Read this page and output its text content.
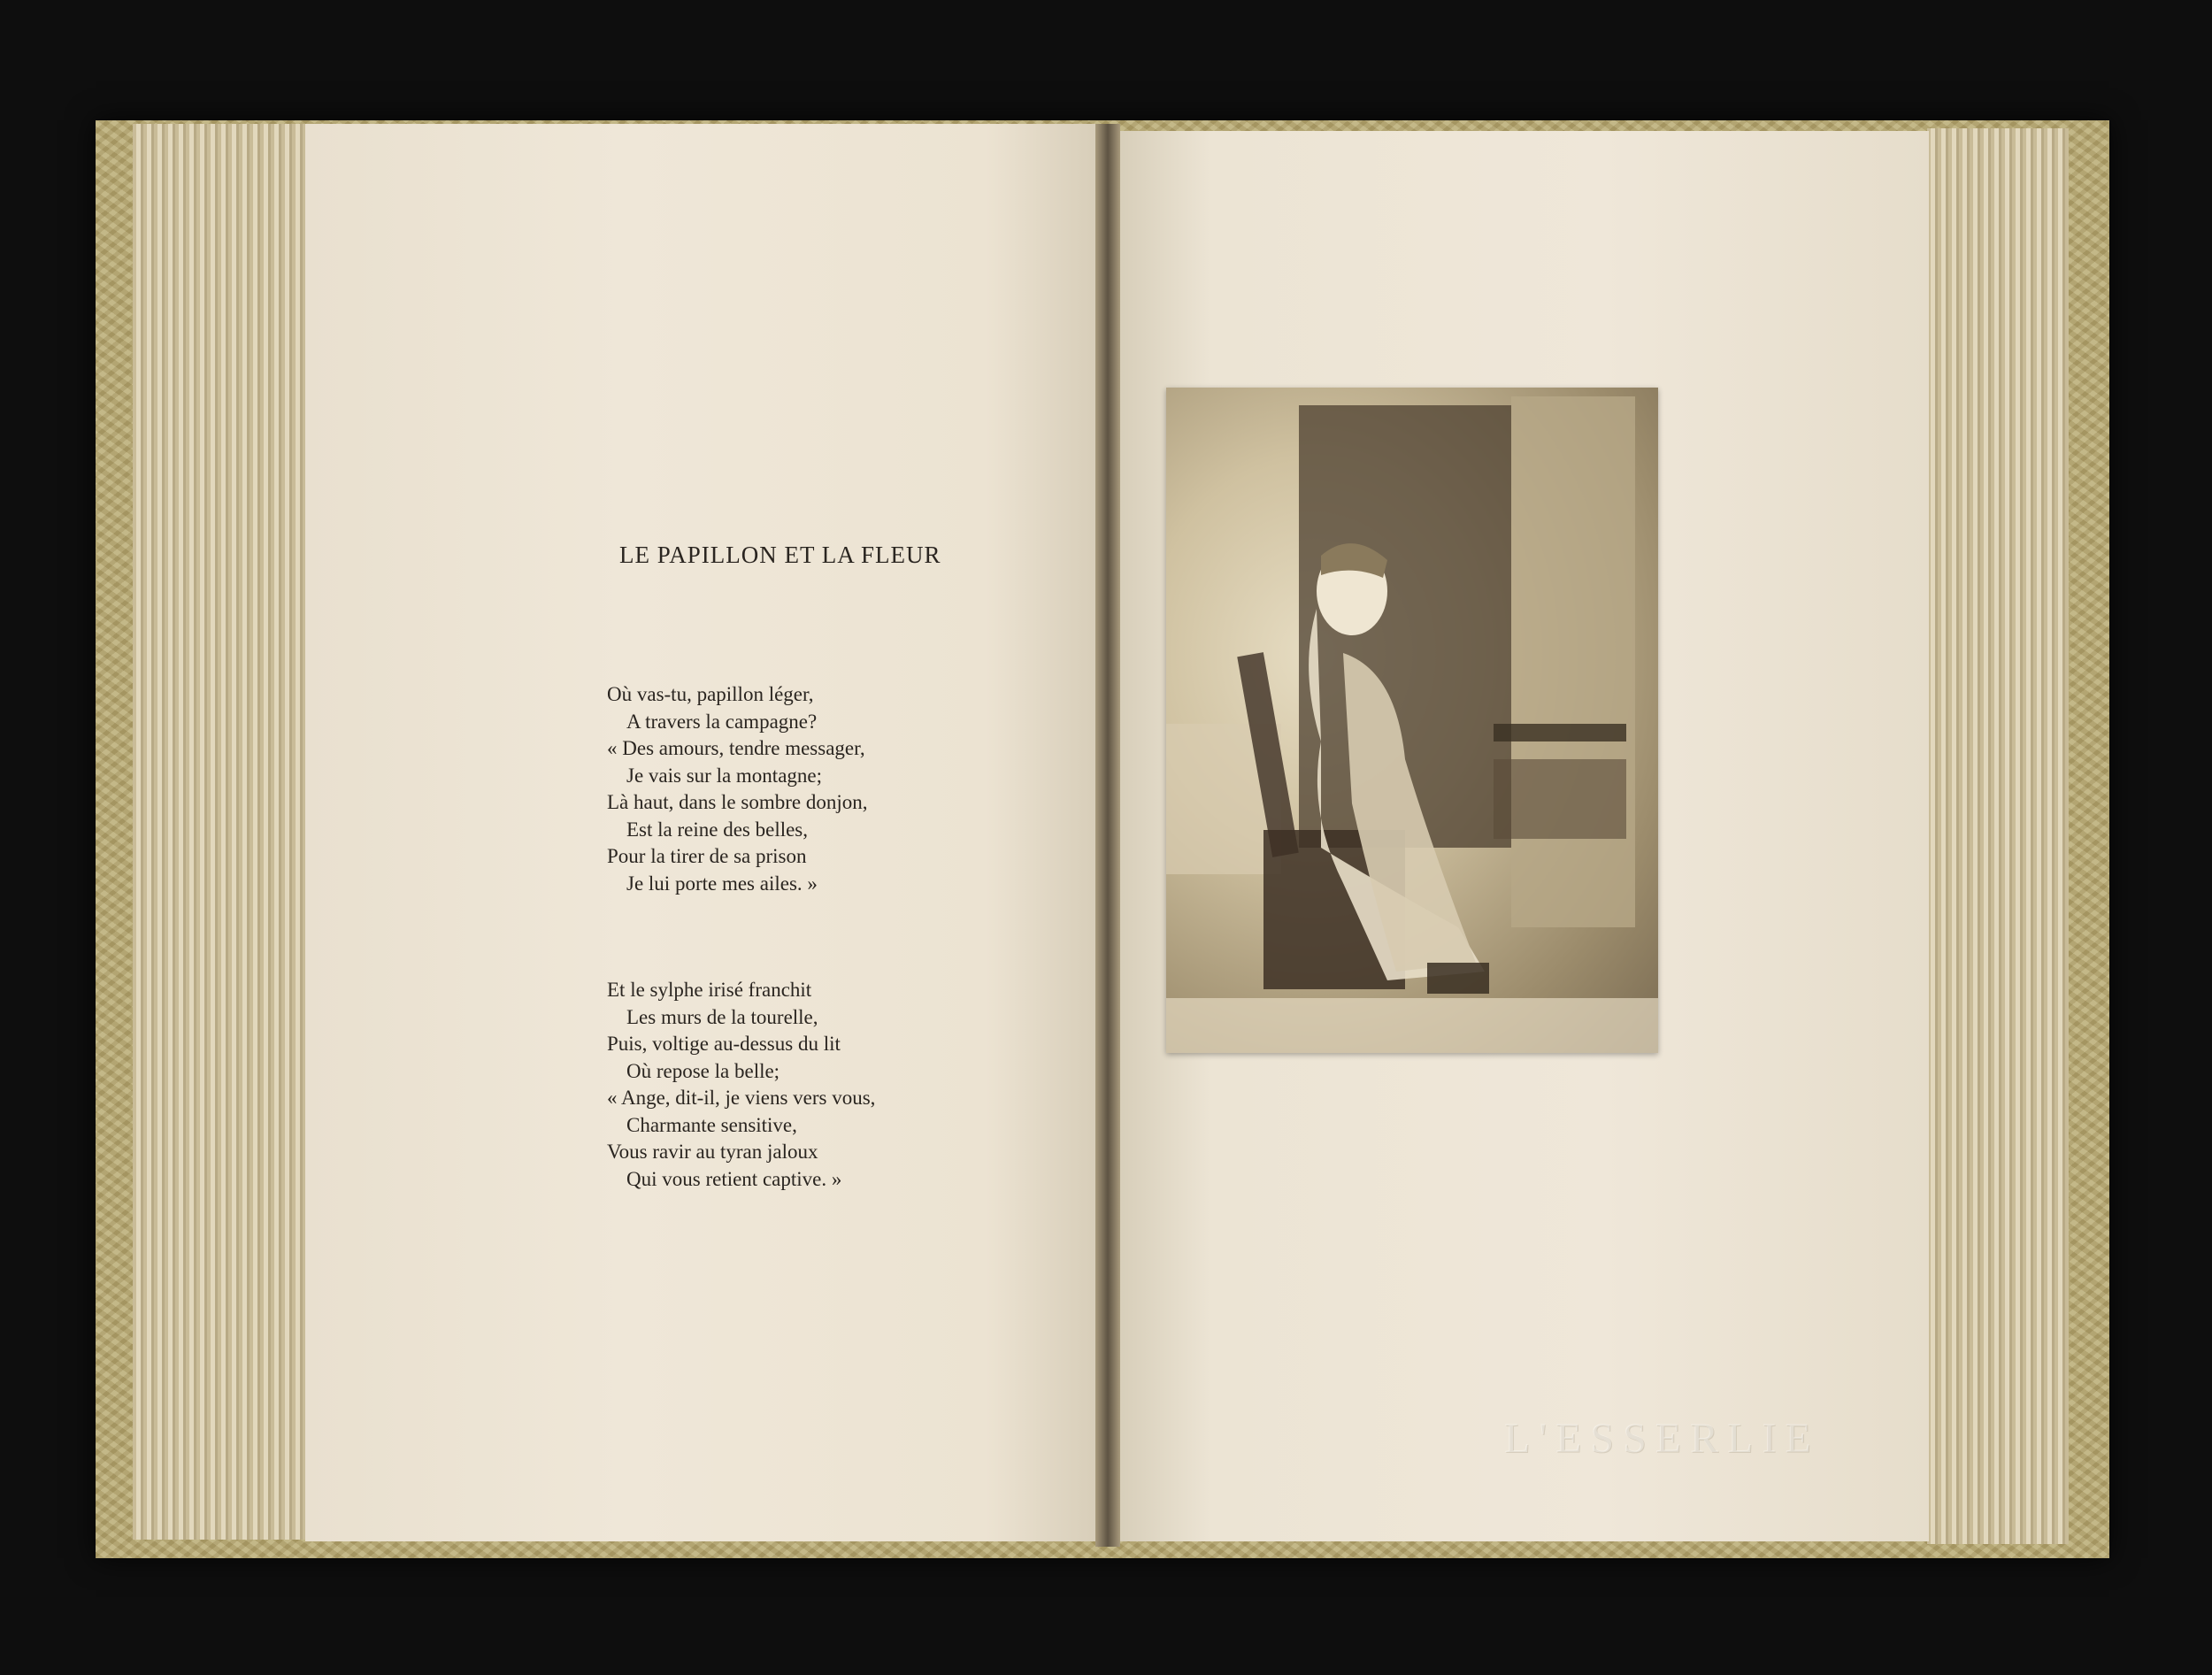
LE PAPILLON ET LA FLEUR
Où vas-tu, papillon léger,
A travers la campagne?
« Des amours, tendre messager,
Je vais sur la montagne;
Là haut, dans le sombre donjon,
Est la reine des belles,
Pour la tirer de sa prison
Je lui porte mes ailes. »
Et le sylphe irisé franchit
Les murs de la tourelle,
Puis, voltige au-dessus du lit
Où repose la belle;
« Ange, dit-il, je viens vers vous,
Charmante sensitive,
Vous ravir au tyran jaloux
Qui vous retient captive. »
L'ESSERLIE
